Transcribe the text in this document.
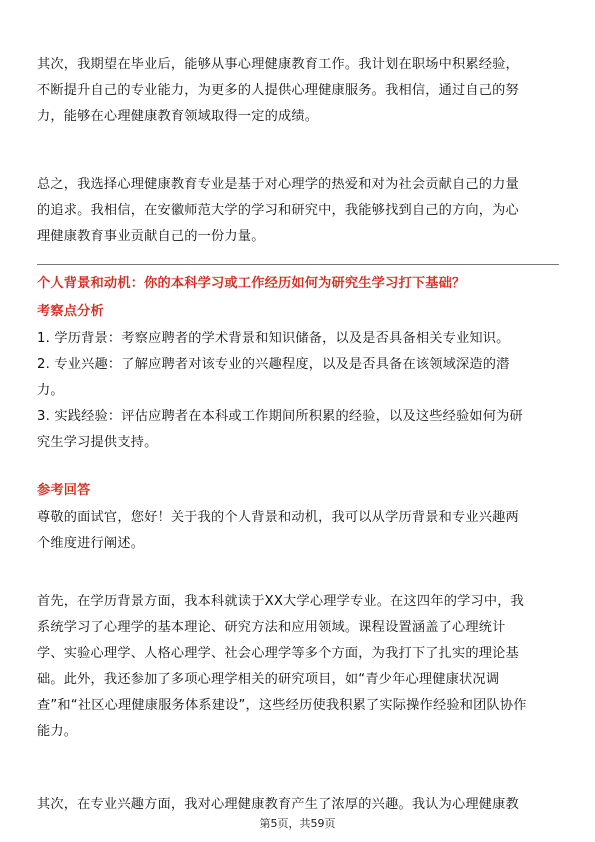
其次，我期望在毕业后，能够从事心理健康教育工作。我计划在职场中积累经验，
不断提升自己的专业能力，为更多的人提供心理健康服务。我相信，通过自己的努
力，能够在心理健康教育领域取得一定的成绩。
总之，我选择心理健康教育专业是基于对心理学的热爱和对为社会贡献自己的力量
的追求。我相信，在安徽师范大学的学习和研究中，我能够找到自己的方向，为心
理健康教育事业贡献自己的一份力量。
个人背景和动机：你的本科学习或工作经历如何为研究生学习打下基础？
考察点分析
1. 学历背景：考察应聘者的学术背景和知识储备，以及是否具备相关专业知识。
2. 专业兴趣：了解应聘者对该专业的兴趣程度，以及是否具备在该领域深造的潜
力。
3. 实践经验：评估应聘者在本科或工作期间所积累的经验，以及这些经验如何为研
究生学习提供支持。
参考回答
尊敬的面试官，您好！关于我的个人背景和动机，我可以从学历背景和专业兴趣两
个维度进行阐述。
首先，在学历背景方面，我本科就读于XX大学心理学专业。在这四年的学习中，我
系统学习了心理学的基本理论、研究方法和应用领域。课程设置涵盖了心理统计
学、实验心理学、人格心理学、社会心理学等多个方面，为我打下了扎实的理论基
础。此外，我还参加了多项心理学相关的研究项目，如“青少年心理健康状况调
查”和“社区心理健康服务体系建设”，这些经历使我积累了实际操作经验和团队协作
能力。
其次，在专业兴趣方面，我对心理健康教育产生了浓厚的兴趣。我认为心理健康教
第5页，共59页
